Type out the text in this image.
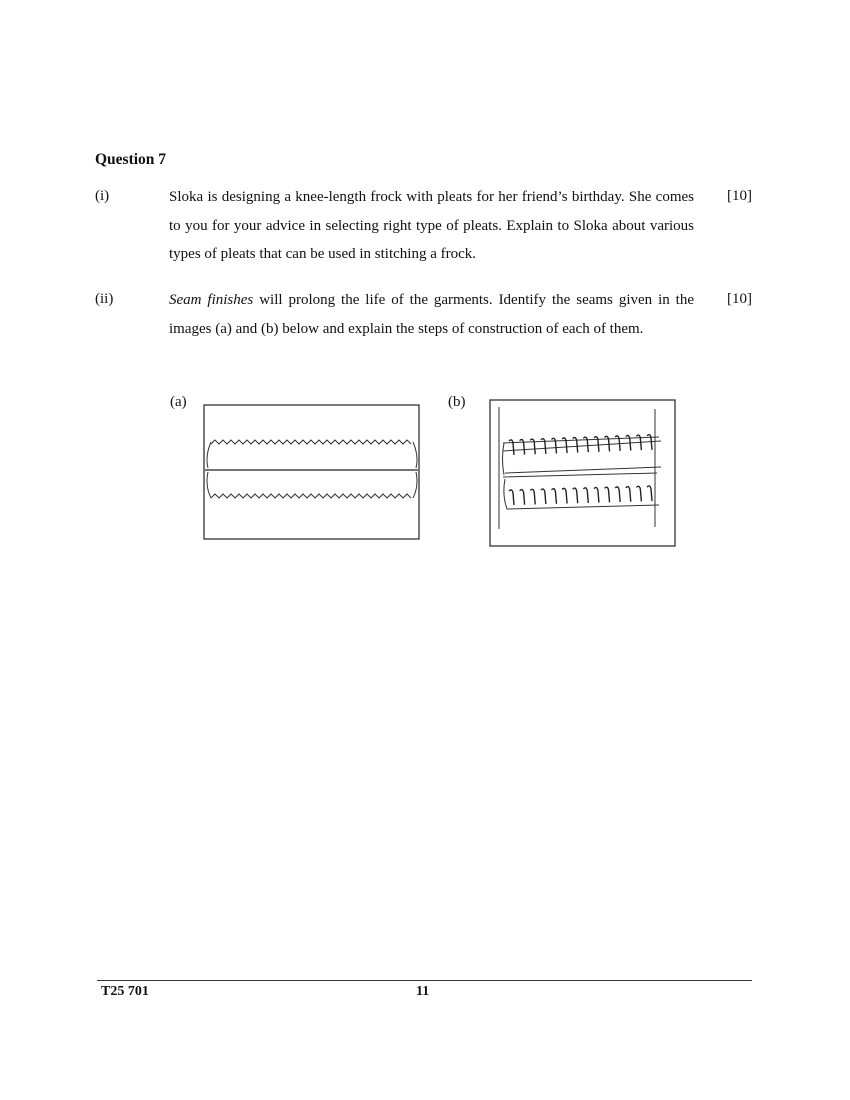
Question 7
(i)	Sloka is designing a knee-length frock with pleats for her friend’s birthday. She comes to you for your advice in selecting right type of pleats. Explain to Sloka about various types of pleats that can be used in stitching a frock.
[10]
(ii)	Seam finishes will prolong the life of the garments. Identify the seams given in the images (a) and (b) below and explain the steps of construction of each of them.
[10]
(a)	(b)
T25 701	11
